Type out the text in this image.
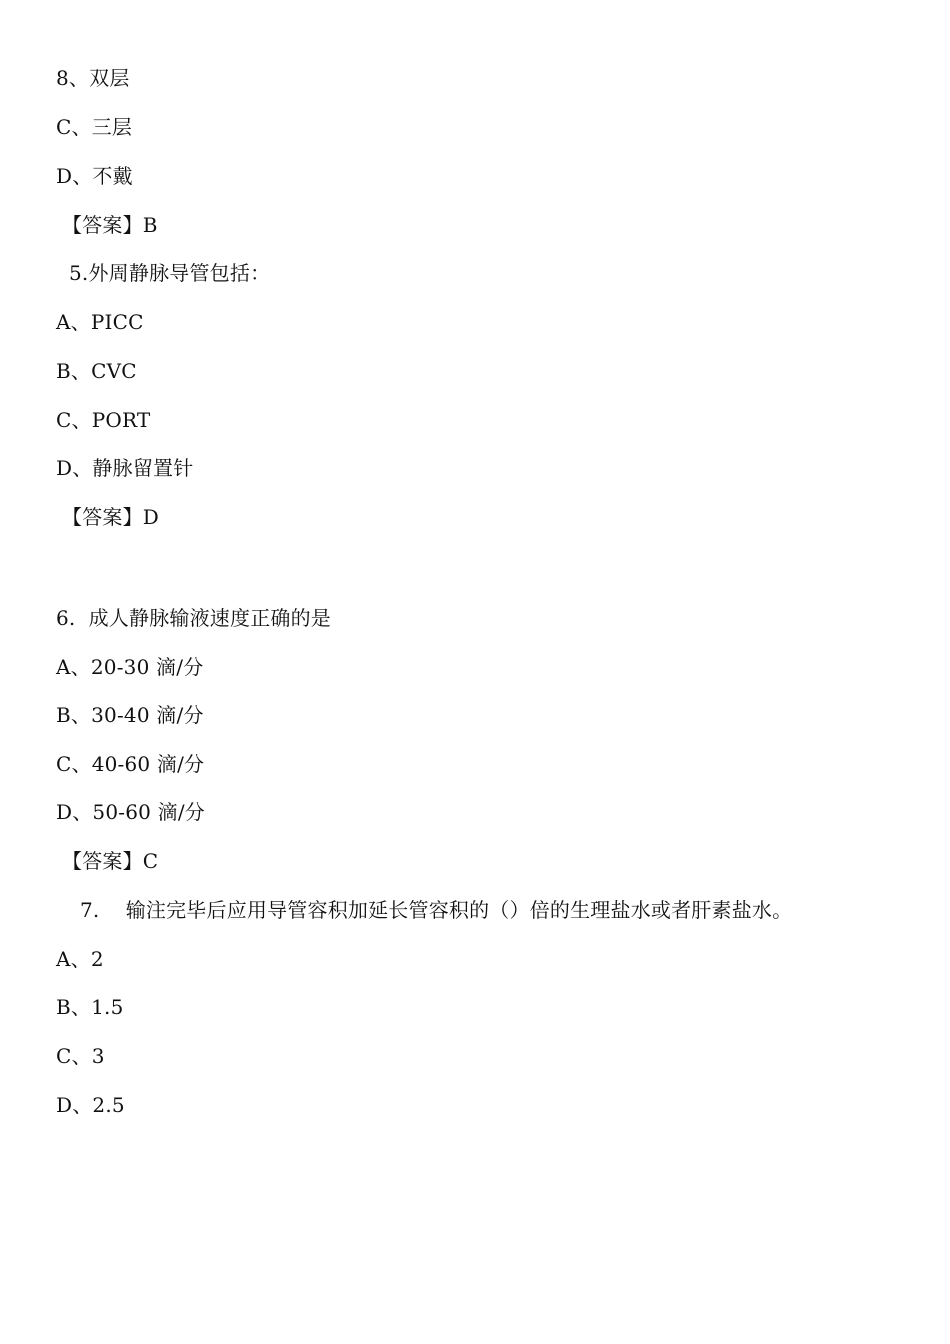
8、双层
C、三层
D、不戴
【答案】B
5.外周静脉导管包括：
A、PICC
B、CVC
C、PORT
D、静脉留置针
【答案】D
6.  成人静脉输液速度正确的是
A、20-30 滴/分
B、30-40 滴/分
C、40-60 滴/分
D、50-60 滴/分
【答案】C
7.    输注完毕后应用导管容积加延长管容积的（）倍的生理盐水或者肝素盐水。
A、2
B、1.5
C、3
D、2.5
